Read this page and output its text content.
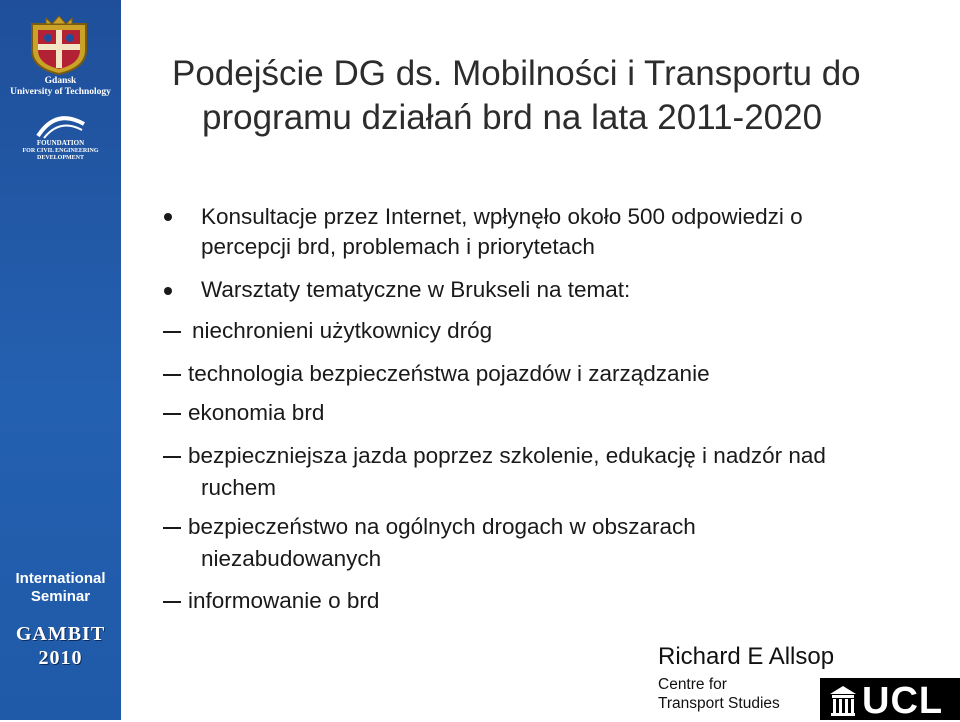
Gdansk
University of Technology
FOUNDATION
FOR CIVIL ENGINEERING DEVELOPMENT
International
Seminar
GAMBIT
2010
Podejście DG ds. Mobilności i Transportu do
programu działań brd na lata 2011-2020
Konsultacje przez Internet, wpłynęło około 500 odpowiedzi o
percepcji brd, problemach i priorytetach
Warsztaty tematyczne w Brukseli na temat:
niechronieni użytkownicy dróg
technologia bezpieczeństwa pojazdów i zarządzanie
ekonomia brd
bezpieczniejsza jazda poprzez szkolenie, edukację i nadzór nad
ruchem
bezpieczeństwo na ogólnych drogach w obszarach
niezabudowanych
informowanie o brd
Richard E Allsop
Centre for
Transport Studies UCL
